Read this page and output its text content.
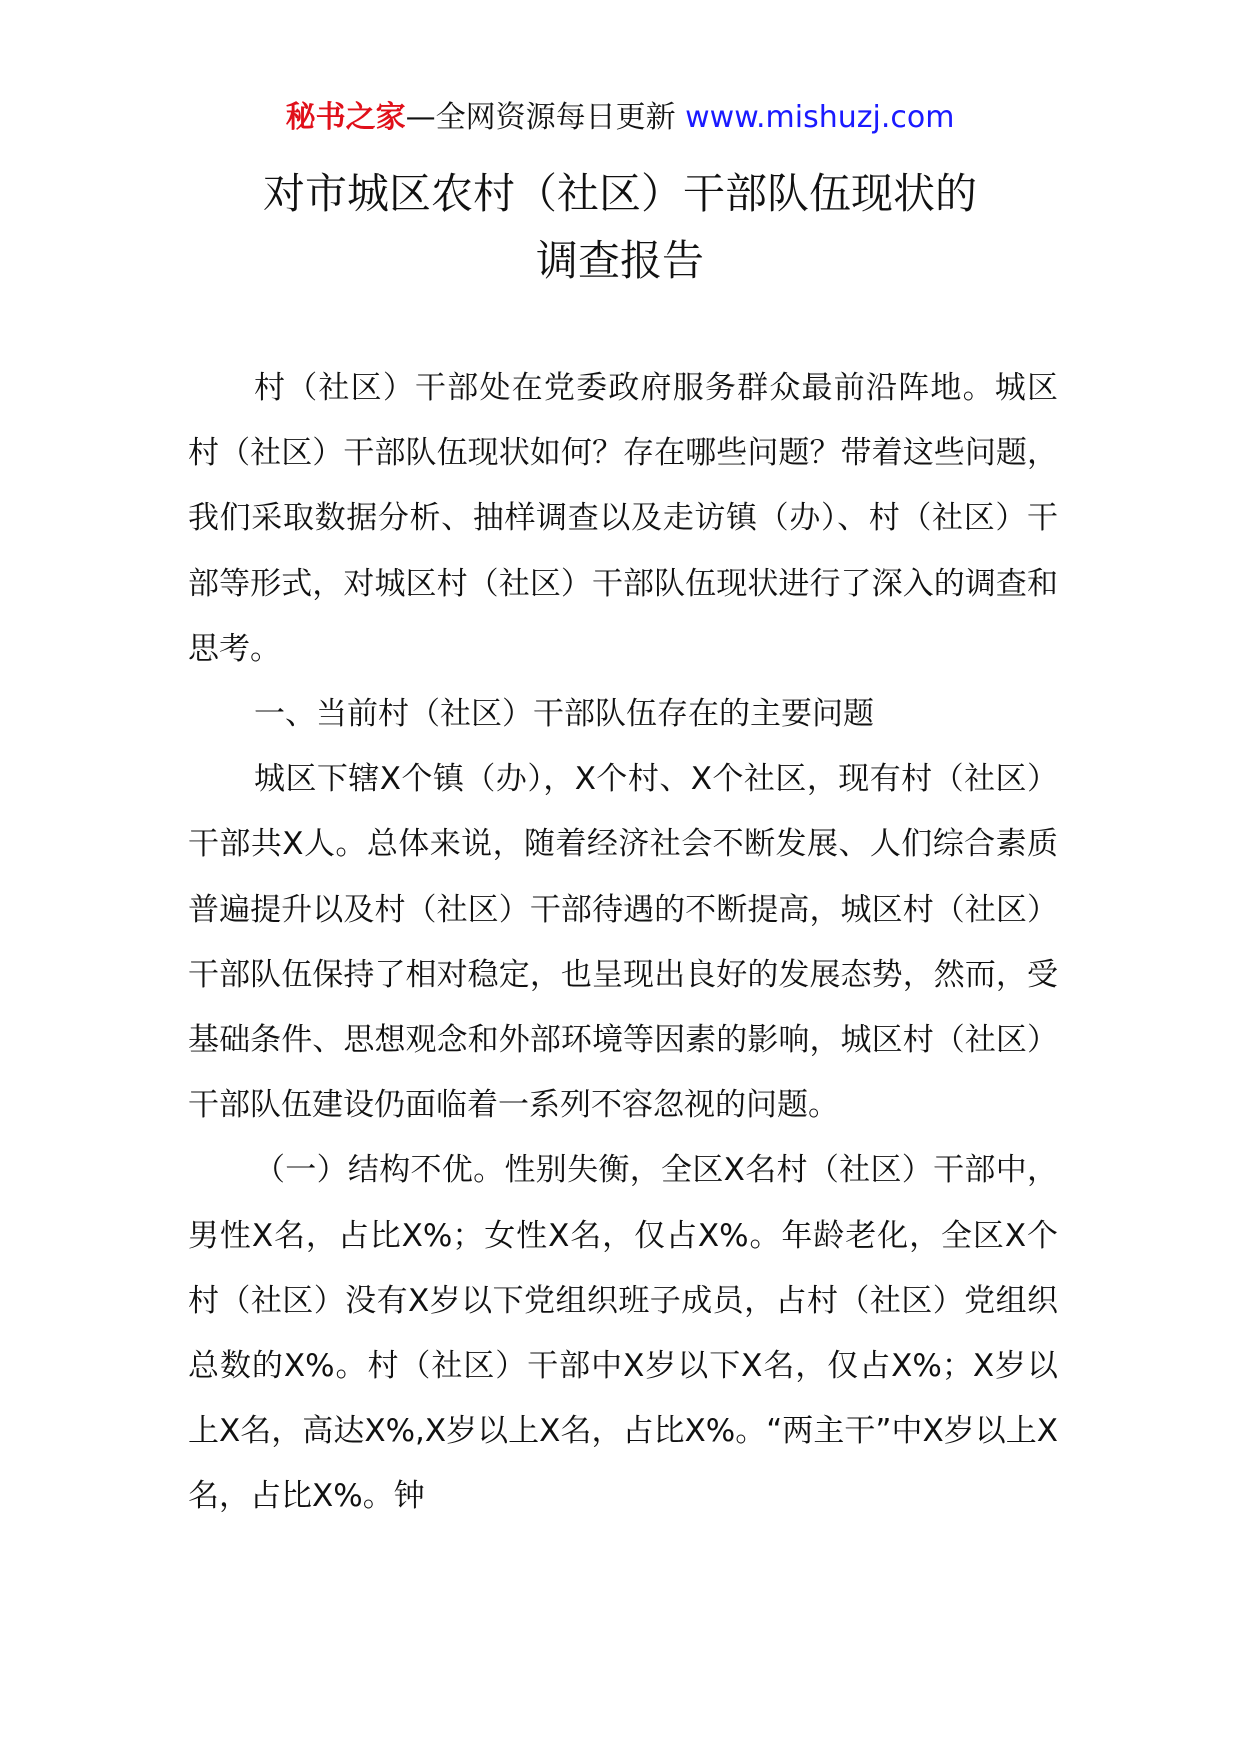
秘书之家—全网资源每日更新 www.mishuzj.com
对市城区农村（社区）干部队伍现状的
调查报告

村（社区）干部处在党委政府服务群众最前沿阵地。城区村（社区）干部队伍现状如何？存在哪些问题？带着这些问题，我们采取数据分析、抽样调查以及走访镇（办）、村（社区）干部等形式，对城区村（社区）干部队伍现状进行了深入的调查和思考。

一、当前村（社区）干部队伍存在的主要问题

城区下辖X个镇（办），X个村、X个社区，现有村（社区）干部共X人。总体来说，随着经济社会不断发展、人们综合素质普遍提升以及村（社区）干部待遇的不断提高，城区村（社区）干部队伍保持了相对稳定，也呈现出良好的发展态势，然而，受基础条件、思想观念和外部环境等因素的影响，城区村（社区）干部队伍建设仍面临着一系列不容忽视的问题。

（一）结构不优。性别失衡，全区X名村（社区）干部中，男性X名，占比X%；女性X名，仅占X%。年龄老化，全区X个村（社区）没有X岁以下党组织班子成员，占村（社区）党组织总数的X%。村（社区）干部中X岁以下X名，仅占X%；X岁以上X名，高达X%,X岁以上X名，占比X%。“两主干”中X岁以上X名，占比X%。钟
